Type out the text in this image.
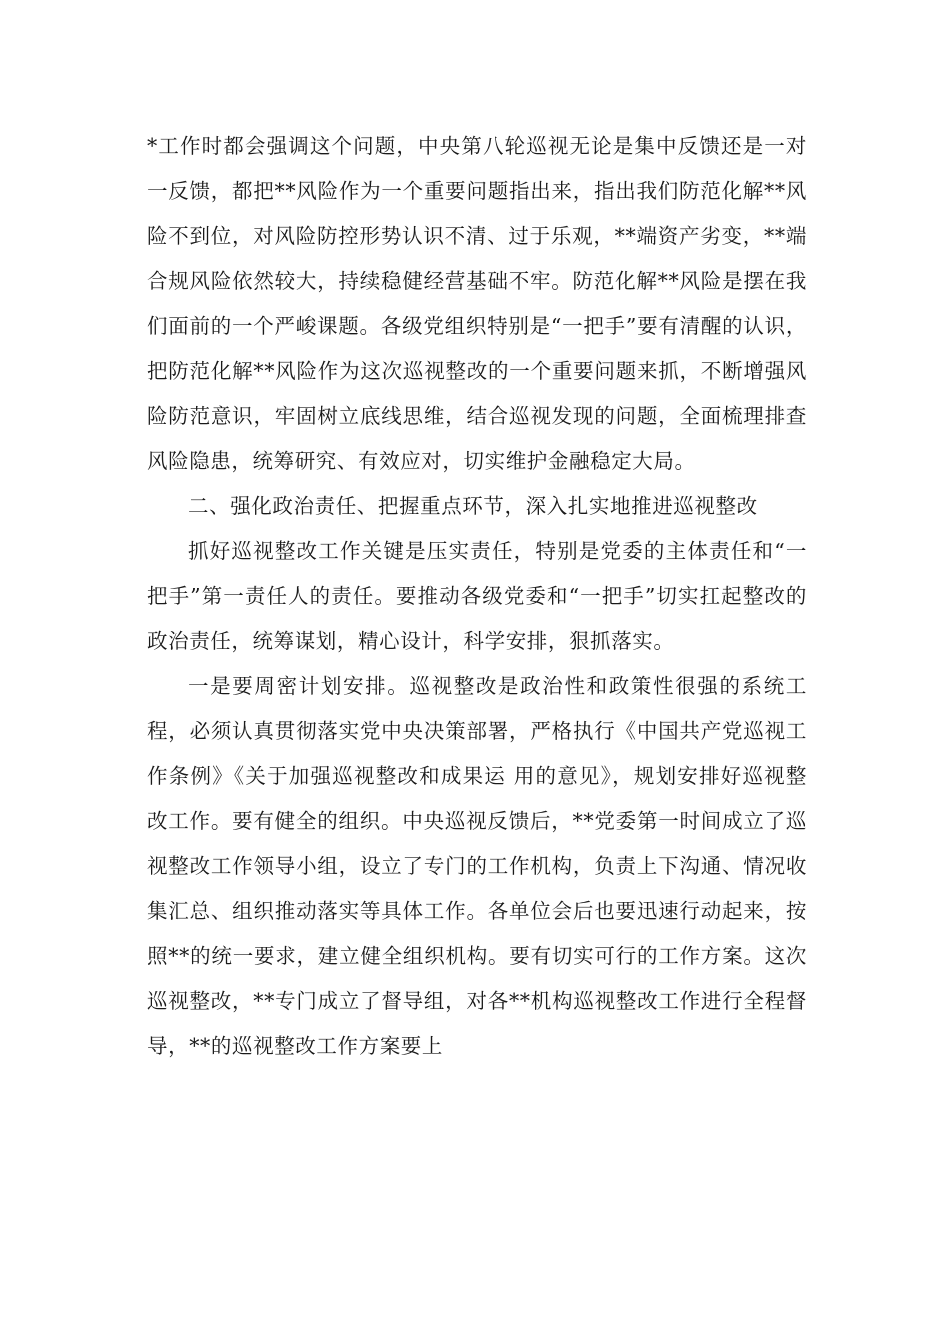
*工作时都会强调这个问题，中央第八轮巡视无论是集中反馈还是一对一反馈，都把**风险作为一个重要问题指出来，指出我们防范化解**风险不到位，对风险防控形势认识不清、过于乐观，**端资产劣变，**端合规风险依然较大，持续稳健经营基础不牢。防范化解**风险是摆在我们面前的一个严峻课题。各级党组织特别是“一把手”要有清醒的认识，把防范化解**风险作为这次巡视整改的一个重要问题来抓，不断增强风险防范意识，牢固树立底线思维，结合巡视发现的问题，全面梳理排查风险隐患，统筹研究、有效应对，切实维护金融稳定大局。

二、强化政治责任、把握重点环节，深入扎实地推进巡视整改

抓好巡视整改工作关键是压实责任，特别是党委的主体责任和“一把手”第一责任人的责任。要推动各级党委和“一把手”切实扛起整改的政治责任，统筹谋划，精心设计，科学安排，狠抓落实。

一是要周密计划安排。巡视整改是政治性和政策性很强的系统工程，必须认真贯彻落实党中央决策部署，严格执行《中国共产党巡视工作条例》《关于加强巡视整改和成果运 用的意见》，规划安排好巡视整改工作。要有健全的组织。中央巡视反馈后，**党委第一时间成立了巡视整改工作领导小组，设立了专门的工作机构，负责上下沟通、情况收集汇总、组织推动落实等具体工作。各单位会后也要迅速行动起来，按照**的统一要求，建立健全组织机构。要有切实可行的工作方案。这次巡视整改，**专门成立了督导组，对各**机构巡视整改工作进行全程督导，**的巡视整改工作方案要上
